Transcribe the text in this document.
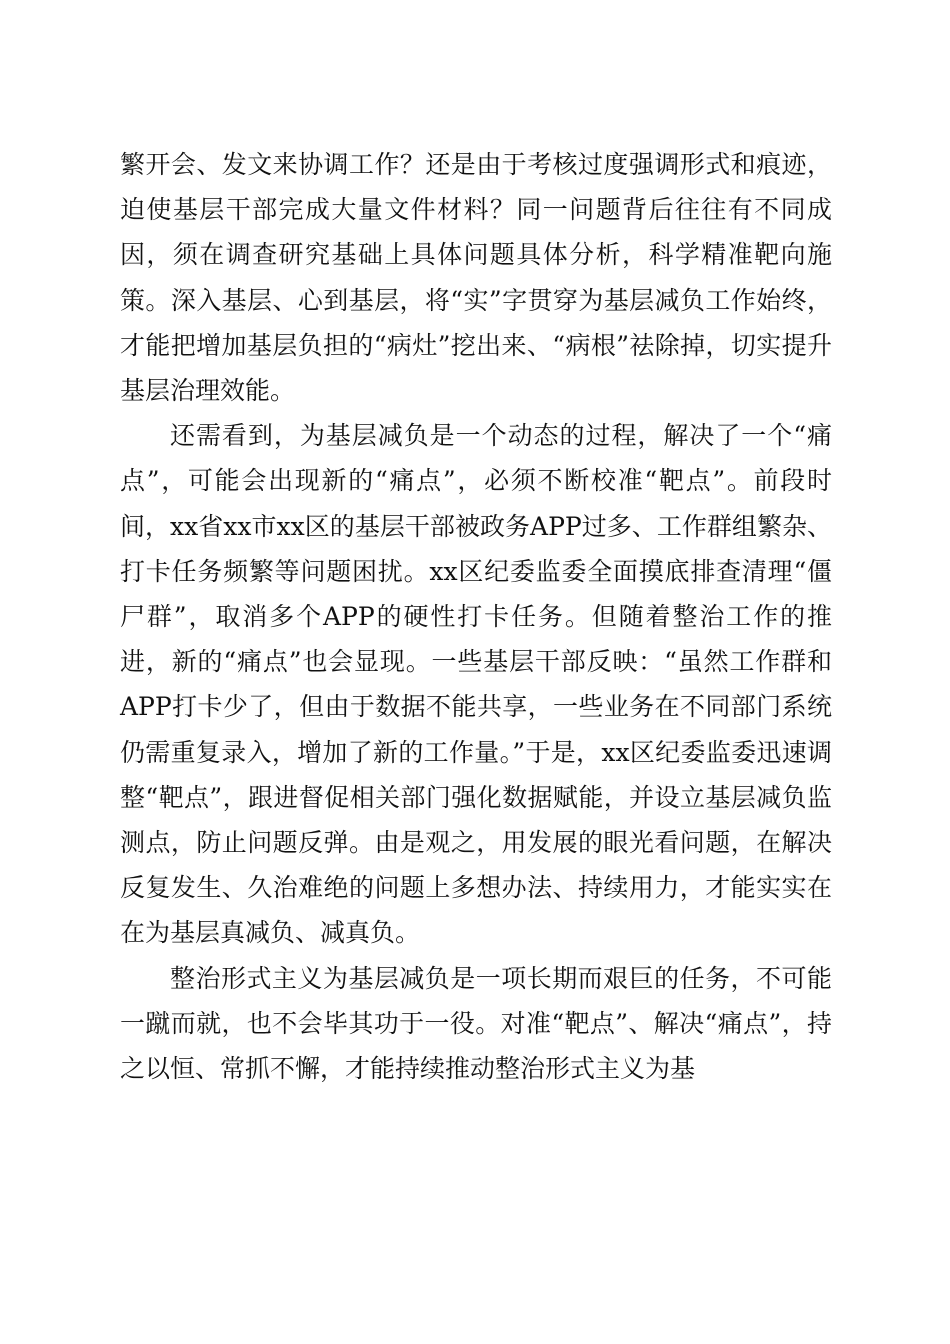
繁开会、发文来协调工作？还是由于考核过度强调形式和痕迹，迫使基层干部完成大量文件材料？同一问题背后往往有不同成因，须在调查研究基础上具体问题具体分析，科学精准靶向施策。深入基层、心到基层，将“实”字贯穿为基层减负工作始终，才能把增加基层负担的“病灶”挖出来、“病根”祛除掉，切实提升基层治理效能。

还需看到，为基层减负是一个动态的过程，解决了一个“痛点”，可能会出现新的“痛点”，必须不断校准“靶点”。前段时间，xx省xx市xx区的基层干部被政务APP过多、工作群组繁杂、打卡任务频繁等问题困扰。xx区纪委监委全面摸底排查清理“僵尸群”，取消多个APP的硬性打卡任务。但随着整治工作的推进，新的“痛点”也会显现。一些基层干部反映：“虽然工作群和APP打卡少了，但由于数据不能共享，一些业务在不同部门系统仍需重复录入，增加了新的工作量。”于是，xx区纪委监委迅速调整“靶点”，跟进督促相关部门强化数据赋能，并设立基层减负监测点，防止问题反弹。由是观之，用发展的眼光看问题，在解决反复发生、久治难绝的问题上多想办法、持续用力，才能实实在在为基层真减负、减真负。

整治形式主义为基层减负是一项长期而艰巨的任务，不可能一蹴而就，也不会毕其功于一役。对准“靶点”、解决“痛点”，持之以恒、常抓不懈，才能持续推动整治形式主义为基
